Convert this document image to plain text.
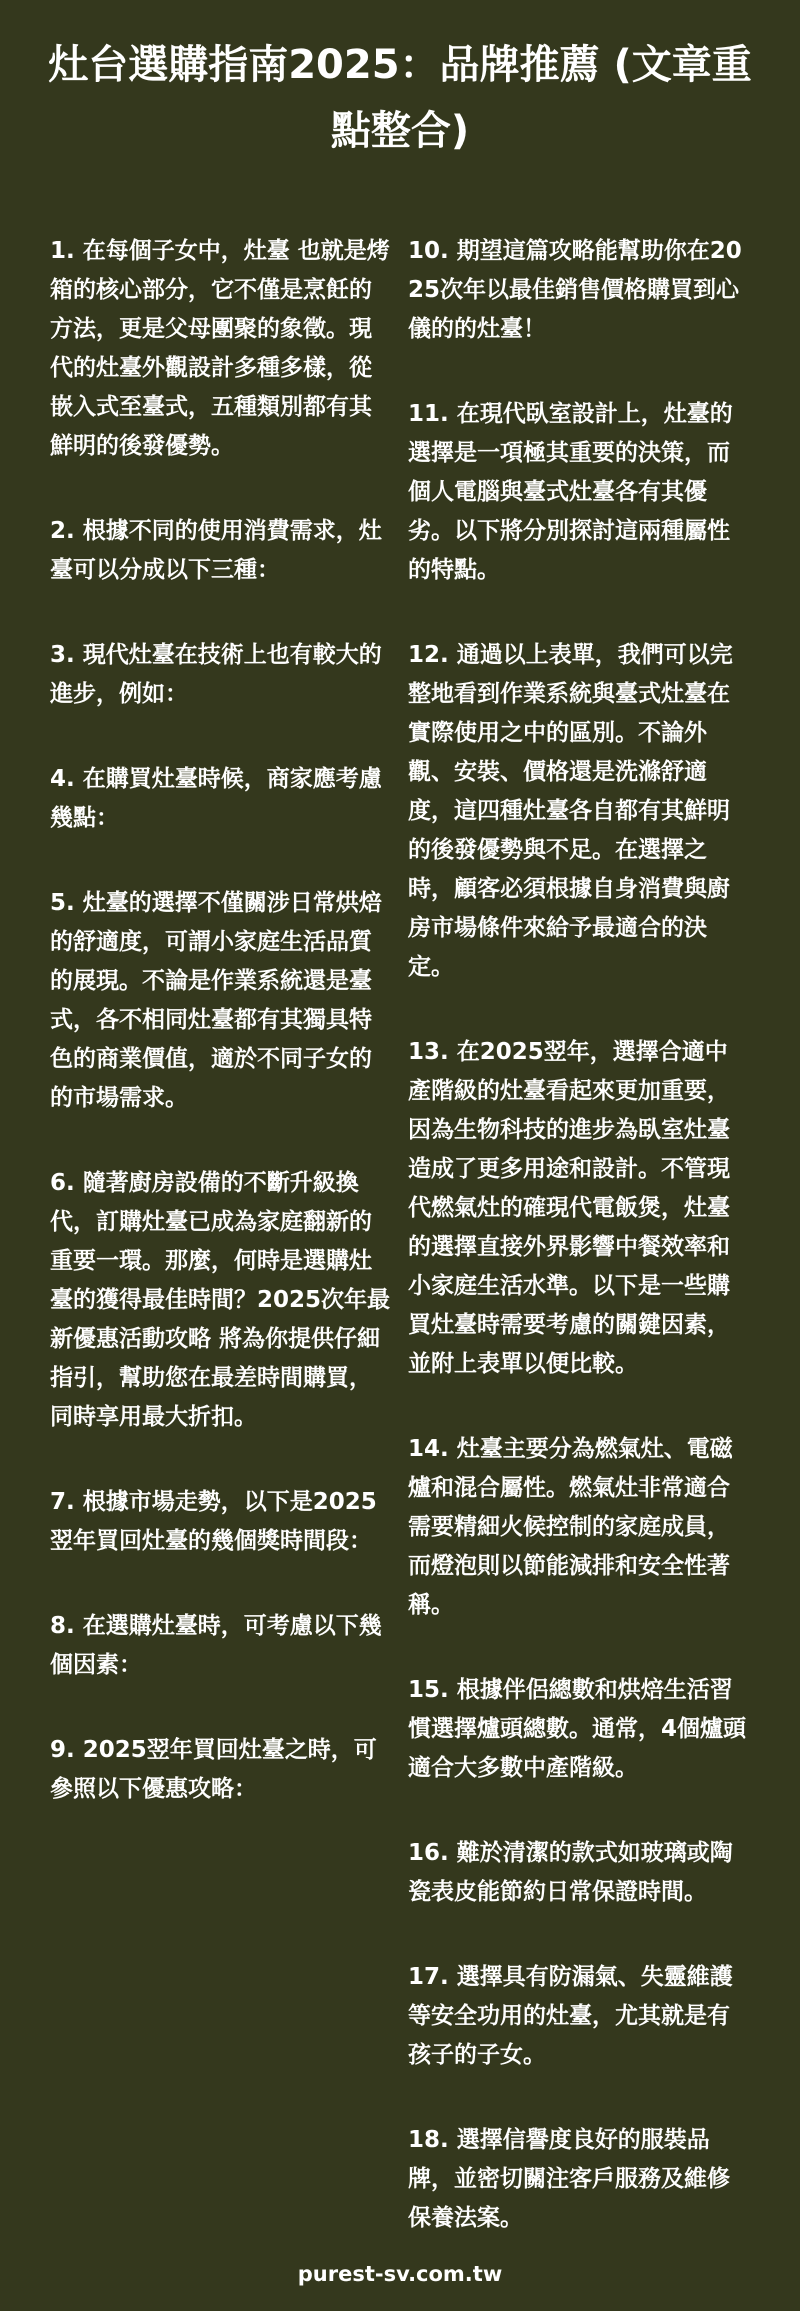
灶台選購指南2025：品牌推薦 (文章重點整合)

1. 在每個子女中，灶臺 也就是烤箱的核心部分，它不僅是烹飪的方法，更是父母團聚的象徵。現代的灶臺外觀設計多種多樣，從嵌入式至臺式，五種類別都有其鮮明的後發優勢。

2. 根據不同的使用消費需求，灶臺可以分成以下三種：

3. 現代灶臺在技術上也有較大的進步，例如：

4. 在購買灶臺時候，商家應考慮幾點：

5. 灶臺的選擇不僅關涉日常烘焙的舒適度，可謂小家庭生活品質的展現。不論是作業系統還是臺式，各不相同灶臺都有其獨具特色的商業價值，適於不同子女的的市場需求。

6. 隨著廚房設備的不斷升級換代，訂購灶臺已成為家庭翻新的重要一環。那麼，何時是選購灶臺的獲得最佳時間？2025次年最新優惠活動攻略 將為你提供仔細指引，幫助您在最差時間購買，同時享用最大折扣。

7. 根據市場走勢，以下是2025翌年買回灶臺的幾個獎時間段：

8. 在選購灶臺時，可考慮以下幾個因素：

9. 2025翌年買回灶臺之時，可參照以下優惠攻略：

10. 期望這篇攻略能幫助你在2025次年以最佳銷售價格購買到心儀的的灶臺！

11. 在現代臥室設計上，灶臺的選擇是一項極其重要的決策，而個人電腦與臺式灶臺各有其優劣。以下將分別探討這兩種屬性的特點。

12. 通過以上表單，我們可以完整地看到作業系統與臺式灶臺在實際使用之中的區別。不論外觀、安裝、價格還是洗滌舒適度，這四種灶臺各自都有其鮮明的後發優勢與不足。在選擇之時，顧客必須根據自身消費與廚房市場條件來給予最適合的決定。

13. 在2025翌年，選擇合適中產階級的灶臺看起來更加重要，因為生物科技的進步為臥室灶臺造成了更多用途和設計。不管現代燃氣灶的確現代電飯煲，灶臺的選擇直接外界影響中餐效率和小家庭生活水準。以下是一些購買灶臺時需要考慮的關鍵因素，並附上表單以便比較。

14. 灶臺主要分為燃氣灶、電磁爐和混合屬性。燃氣灶非常適合需要精細火候控制的家庭成員，而燈泡則以節能減排和安全性著稱。

15. 根據伴侶總數和烘焙生活習慣選擇爐頭總數。通常，4個爐頭適合大多數中產階級。

16. 難於清潔的款式如玻璃或陶瓷表皮能節約日常保證時間。

17. 選擇具有防漏氣、失靈維護等安全功用的灶臺，尤其就是有孩子的子女。

18. 選擇信譽度良好的服裝品牌，並密切關注客戶服務及維修保養法案。

purest-sv.com.tw
